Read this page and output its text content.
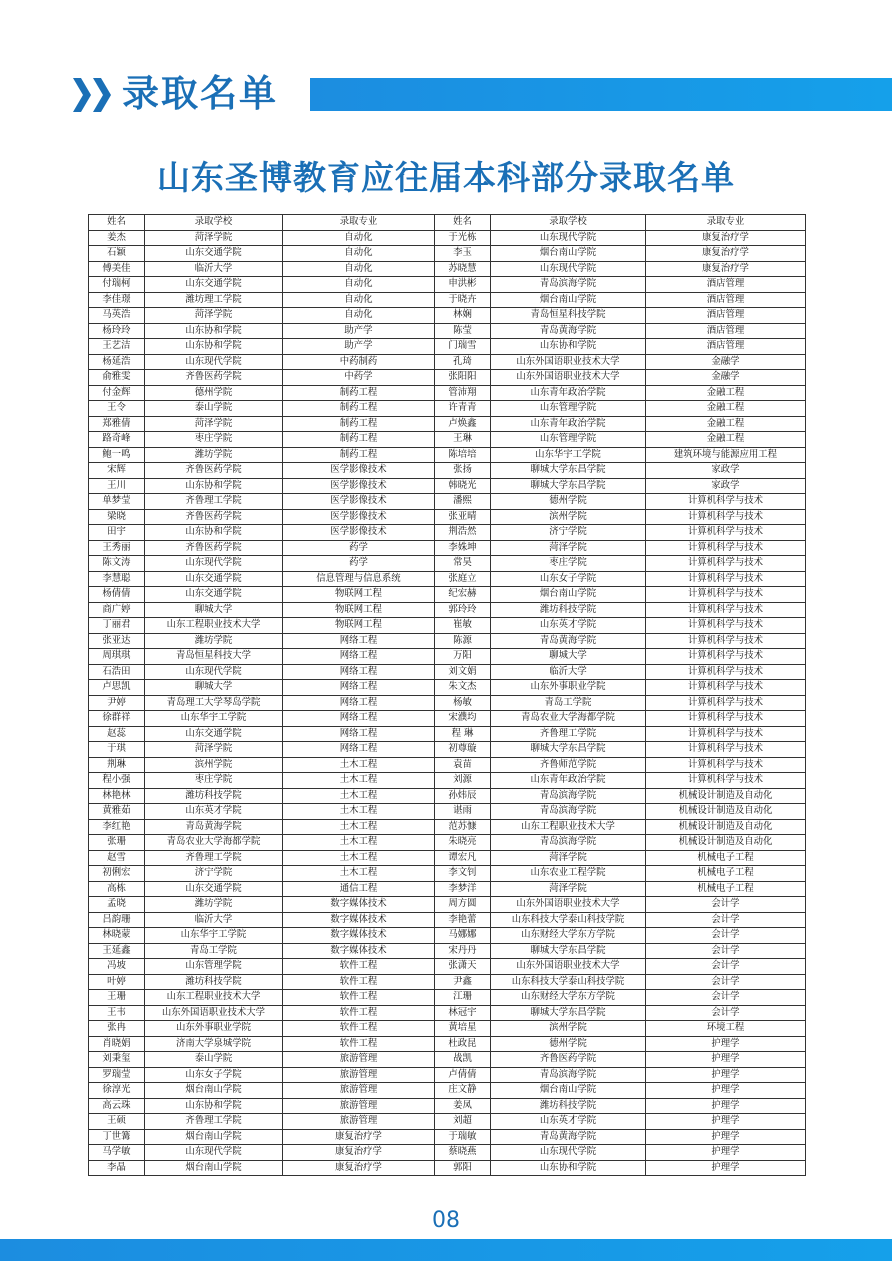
录取名单
山东圣博教育应往届本科部分录取名单
姓名	录取学校	录取专业	姓名	录取学校	录取专业
姜杰	菏泽学院	自动化	于光栋	山东现代学院	康复治疗学
石颖	山东交通学院	自动化	李玉	烟台南山学院	康复治疗学
傅美佳	临沂大学	自动化	苏晓慧	山东现代学院	康复治疗学
付瑞柯	山东交通学院	自动化	申洪彬	青岛滨海学院	酒店管理
李佳璟	潍坊理工学院	自动化	于晓卉	烟台南山学院	酒店管理
马英浩	菏泽学院	自动化	林娴	青岛恒星科技学院	酒店管理
杨玲玲	山东协和学院	助产学	陈莹	青岛黄海学院	酒店管理
王艺洁	山东协和学院	助产学	门瑞雪	山东协和学院	酒店管理
杨延浩	山东现代学院	中药制药	孔琦	山东外国语职业技术大学	金融学
俞雅雯	齐鲁医药学院	中药学	张阳阳	山东外国语职业技术大学	金融学
付金辉	德州学院	制药工程	管沛翔	山东青年政治学院	金融工程
王令	泰山学院	制药工程	许青青	山东管理学院	金融工程
郑雅倩	菏泽学院	制药工程	卢焕鑫	山东青年政治学院	金融工程
路奇峰	枣庄学院	制药工程	王琳	山东管理学院	金融工程
鲍一鸣	潍坊学院	制药工程	陈培培	山东华宇工学院	建筑环境与能源应用工程
宋辉	齐鲁医药学院	医学影像技术	张扬	聊城大学东昌学院	家政学
王川	山东协和学院	医学影像技术	韩晓光	聊城大学东昌学院	家政学
单梦莹	齐鲁理工学院	医学影像技术	潘熙	德州学院	计算机科学与技术
梁晓	齐鲁医药学院	医学影像技术	张亚晴	滨州学院	计算机科学与技术
田宇	山东协和学院	医学影像技术	荆浩然	济宁学院	计算机科学与技术
王秀丽	齐鲁医药学院	药学	李姝坤	菏泽学院	计算机科学与技术
陈文涛	山东现代学院	药学	常昊	枣庄学院	计算机科学与技术
李慧聪	山东交通学院	信息管理与信息系统	张庭立	山东女子学院	计算机科学与技术
杨倩倩	山东交通学院	物联网工程	纪宏赫	烟台南山学院	计算机科学与技术
商广婷	聊城大学	物联网工程	郭玲玲	潍坊科技学院	计算机科学与技术
丁丽君	山东工程职业技术大学	物联网工程	崔敏	山东英才学院	计算机科学与技术
张亚达	潍坊学院	网络工程	陈源	青岛黄海学院	计算机科学与技术
周琪琪	青岛恒星科技大学	网络工程	万阳	聊城大学	计算机科学与技术
石浩田	山东现代学院	网络工程	刘文娟	临沂大学	计算机科学与技术
卢思凯	聊城大学	网络工程	朱文杰	山东外事职业学院	计算机科学与技术
尹婷	青岛理工大学琴岛学院	网络工程	杨敏	青岛工学院	计算机科学与技术
徐群祥	山东华宇工学院	网络工程	宋濮均	青岛农业大学海都学院	计算机科学与技术
赵蕊	山东交通学院	网络工程	程 琳	齐鲁理工学院	计算机科学与技术
于琪	菏泽学院	网络工程	初尊璇	聊城大学东昌学院	计算机科学与技术
荆琳	滨州学院	土木工程	袁苗	齐鲁师范学院	计算机科学与技术
程小强	枣庄学院	土木工程	刘源	山东青年政治学院	计算机科学与技术
林艳林	潍坊科技学院	土木工程	孙炜辰	青岛滨海学院	机械设计制造及自动化
黄雅茹	山东英才学院	土木工程	谌雨	青岛滨海学院	机械设计制造及自动化
李红艳	青岛黄海学院	土木工程	范苏慷	山东工程职业技术大学	机械设计制造及自动化
张珊	青岛农业大学海都学院	土木工程	朱晓亮	青岛滨海学院	机械设计制造及自动化
赵雪	齐鲁理工学院	土木工程	谭宏凡	菏泽学院	机械电子工程
初俐宏	济宁学院	土木工程	李文钊	山东农业工程学院	机械电子工程
高栋	山东交通学院	通信工程	李梦洋	菏泽学院	机械电子工程
孟晓	潍坊学院	数字媒体技术	周方圆	山东外国语职业技术大学	会计学
吕韵珊	临沂大学	数字媒体技术	李艳蕾	山东科技大学泰山科技学院	会计学
林晓蒙	山东华宇工学院	数字媒体技术	马娜娜	山东财经大学东方学院	会计学
王延鑫	青岛工学院	数字媒体技术	宋丹丹	聊城大学东昌学院	会计学
冯坡	山东管理学院	软件工程	张潇天	山东外国语职业技术大学	会计学
叶婷	潍坊科技学院	软件工程	尹鑫	山东科技大学泰山科技学院	会计学
王珊	山东工程职业技术大学	软件工程	江珊	山东财经大学东方学院	会计学
王韦	山东外国语职业技术大学	软件工程	林冠宇	聊城大学东昌学院	会计学
张冉	山东外事职业学院	软件工程	黄培星	滨州学院	环境工程
肖晓娟	济南大学泉城学院	软件工程	杜政昆	德州学院	护理学
刘秉玺	泰山学院	旅游管理	战凯	齐鲁医药学院	护理学
罗瑞莹	山东女子学院	旅游管理	卢倩倩	青岛滨海学院	护理学
徐淳光	烟台南山学院	旅游管理	庄文静	烟台南山学院	护理学
高云珠	山东协和学院	旅游管理	姜凤	潍坊科技学院	护理学
王硕	齐鲁理工学院	旅游管理	刘超	山东英才学院	护理学
丁世篝	烟台南山学院	康复治疗学	于瑞敏	青岛黄海学院	护理学
马学敏	山东现代学院	康复治疗学	蔡晓燕	山东现代学院	护理学
李晶	烟台南山学院	康复治疗学	郭阳	山东协和学院	护理学
08
